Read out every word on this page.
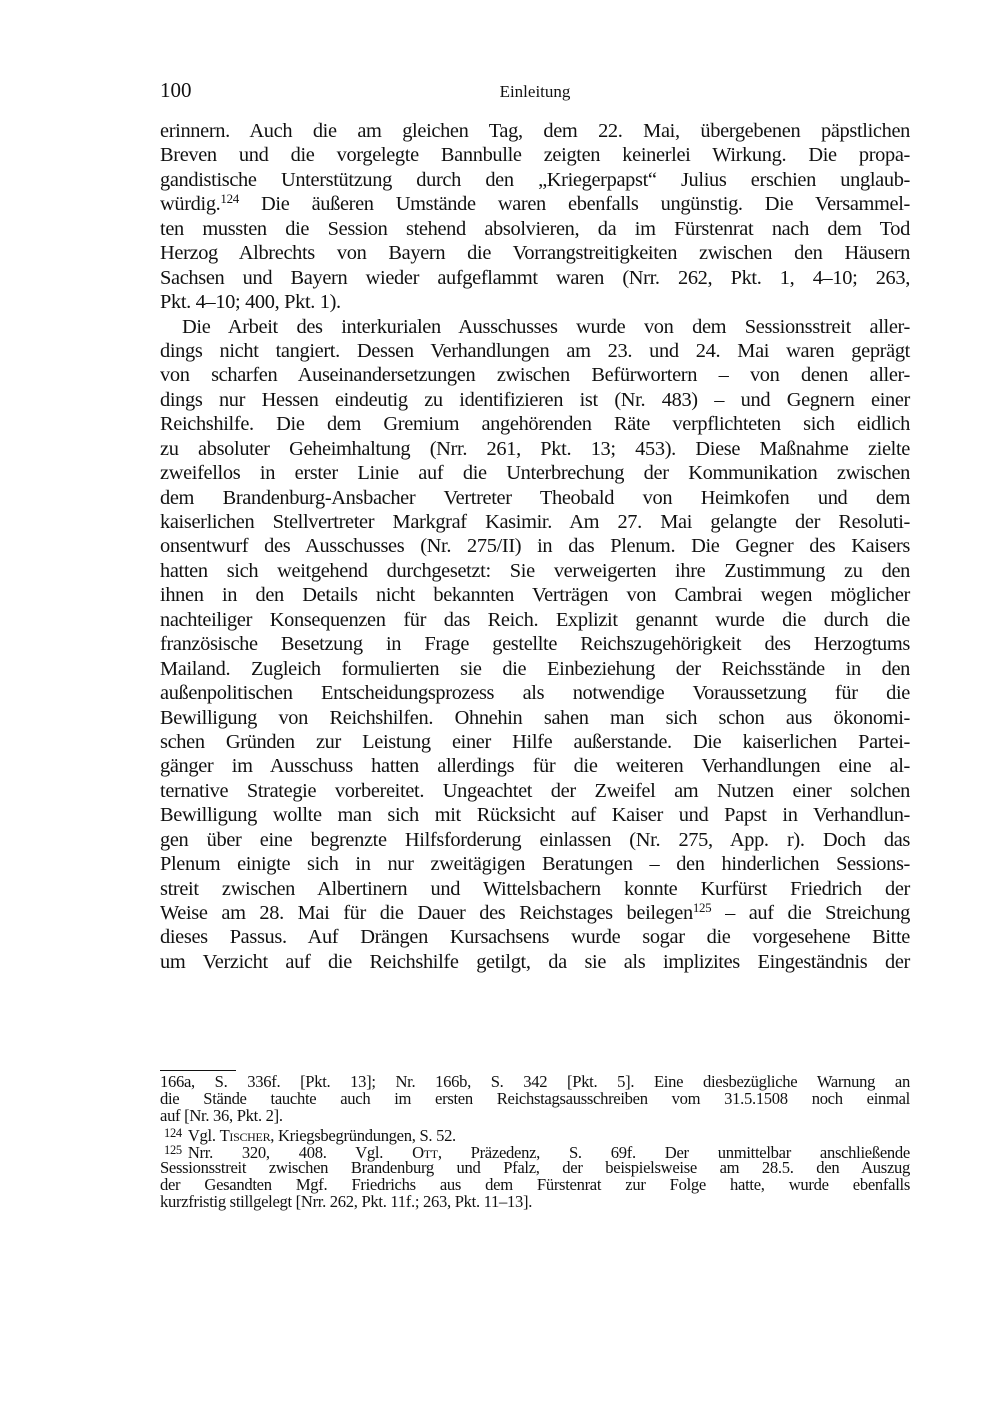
100	Einleitung
erinnern. Auch die am gleichen Tag, dem 22. Mai, übergebenen päpstlichen
Breven und die vorgelegte Bannbulle zeigten keinerlei Wirkung. Die propa-
gandistische Unterstützung durch den „Kriegerpapst“ Julius erschien unglaub-
würdig.$^{124}$ Die äußeren Umstände waren ebenfalls ungünstig. Die Versammel-
ten mussten die Session stehend absolvieren, da im Fürstenrat nach dem Tod
Herzog Albrechts von Bayern die Vorrangstreitigkeiten zwischen den Häusern
Sachsen und Bayern wieder aufgeflammt waren (Nrr. 262, Pkt. 1, 4–10; 263,
Pkt. 4–10; 400, Pkt. 1).
Die Arbeit des interkurialen Ausschusses wurde von dem Sessionsstreit aller-
dings nicht tangiert. Dessen Verhandlungen am 23. und 24. Mai waren geprägt
von scharfen Auseinandersetzungen zwischen Befürwortern – von denen aller-
dings nur Hessen eindeutig zu identifizieren ist (Nr. 483) – und Gegnern einer
Reichshilfe. Die dem Gremium angehörenden Räte verpflichteten sich eidlich
zu absoluter Geheimhaltung (Nrr. 261, Pkt. 13; 453). Diese Maßnahme zielte
zweifellos in erster Linie auf die Unterbrechung der Kommunikation zwischen
dem Brandenburg-Ansbacher Vertreter Theobald von Heimkofen und dem
kaiserlichen Stellvertreter Markgraf Kasimir. Am 27. Mai gelangte der Resoluti-
onsentwurf des Ausschusses (Nr. 275/II) in das Plenum. Die Gegner des Kaisers
hatten sich weitgehend durchgesetzt: Sie verweigerten ihre Zustimmung zu den
ihnen in den Details nicht bekannten Verträgen von Cambrai wegen möglicher
nachteiliger Konsequenzen für das Reich. Explizit genannt wurde die durch die
französische Besetzung in Frage gestellte Reichszugehörigkeit des Herzogtums
Mailand. Zugleich formulierten sie die Einbeziehung der Reichsstände in den
außenpolitischen Entscheidungsprozess als notwendige Voraussetzung für die
Bewilligung von Reichshilfen. Ohnehin sahen man sich schon aus ökonomi-
schen Gründen zur Leistung einer Hilfe außerstande. Die kaiserlichen Partei-
gänger im Ausschuss hatten allerdings für die weiteren Verhandlungen eine al-
ternative Strategie vorbereitet. Ungeachtet der Zweifel am Nutzen einer solchen
Bewilligung wollte man sich mit Rücksicht auf Kaiser und Papst in Verhandlun-
gen über eine begrenzte Hilfsforderung einlassen (Nr. 275, App. r). Doch das
Plenum einigte sich in nur zweitägigen Beratungen – den hinderlichen Sessions-
streit zwischen Albertinern und Wittelsbachern konnte Kurfürst Friedrich der
Weise am 28. Mai für die Dauer des Reichstages beilegen$^{125}$ – auf die Streichung
dieses Passus. Auf Drängen Kursachsens wurde sogar die vorgesehene Bitte
um Verzicht auf die Reichshilfe getilgt, da sie als implizites Eingeständnis der
166a, S. 336f. [Pkt. 13]; Nr. 166b, S. 342 [Pkt. 5]. Eine diesbezügliche Warnung an
die Stände tauchte auch im ersten Reichstagsausschreiben vom 31.5.1508 noch einmal
auf [Nr. 36, Pkt. 2].
$^{124}$ Vgl. Tischer, Kriegsbegründungen, S. 52.
$^{125}$ Nrr. 320, 408. Vgl. Ott, Präzedenz, S. 69f. Der unmittelbar anschließende
Sessionsstreit zwischen Brandenburg und Pfalz, der beispielsweise am 28.5. den Auszug
der Gesandten Mgf. Friedrichs aus dem Fürstenrat zur Folge hatte, wurde ebenfalls
kurzfristig stillgelegt [Nrr. 262, Pkt. 11f.; 263, Pkt. 11–13].
